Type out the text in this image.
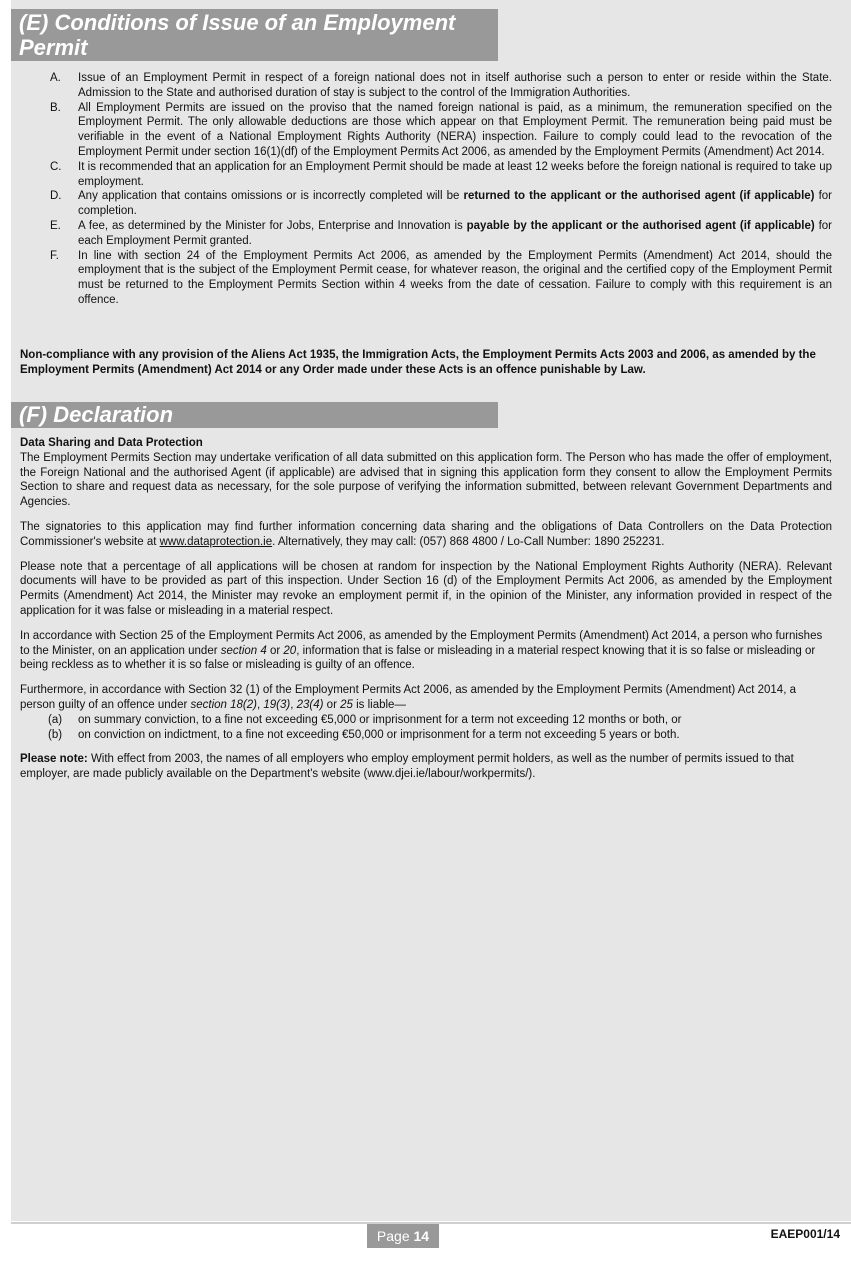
(E) Conditions of Issue of an Employment Permit
A. Issue of an Employment Permit in respect of a foreign national does not in itself authorise such a person to enter or reside within the State. Admission to the State and authorised duration of stay is subject to the control of the Immigration Authorities.
B. All Employment Permits are issued on the proviso that the named foreign national is paid, as a minimum, the remuneration specified on the Employment Permit. The only allowable deductions are those which appear on that Employment Permit. The remuneration being paid must be verifiable in the event of a National Employment Rights Authority (NERA) inspection. Failure to comply could lead to the revocation of the Employment Permit under section 16(1)(df) of the Employment Permits Act 2006, as amended by the Employment Permits (Amendment) Act 2014.
C. It is recommended that an application for an Employment Permit should be made at least 12 weeks before the foreign national is required to take up employment.
D. Any application that contains omissions or is incorrectly completed will be returned to the applicant or the authorised agent (if applicable) for completion.
E. A fee, as determined by the Minister for Jobs, Enterprise and Innovation is payable by the applicant or the authorised agent (if applicable) for each Employment Permit granted.
F. In line with section 24 of the Employment Permits Act 2006, as amended by the Employment Permits (Amendment) Act 2014, should the employment that is the subject of the Employment Permit cease, for whatever reason, the original and the certified copy of the Employment Permit must be returned to the Employment Permits Section within 4 weeks from the date of cessation. Failure to comply with this requirement is an offence.
Non-compliance with any provision of the Aliens Act 1935, the Immigration Acts, the Employment Permits Acts 2003 and 2006, as amended by the Employment Permits (Amendment) Act 2014 or any Order made under these Acts is an offence punishable by Law.
(F) Declaration

Data Sharing and Data Protection

The Employment Permits Section may undertake verification of all data submitted on this application form. The Person who has made the offer of employment, the Foreign National and the authorised Agent (if applicable) are advised that in signing this application form they consent to allow the Employment Permits Section to share and request data as necessary, for the sole purpose of verifying the information submitted, between relevant Government Departments and Agencies.

The signatories to this application may find further information concerning data sharing and the obligations of Data Controllers on the Data Protection Commissioner's website at www.dataprotection.ie. Alternatively, they may call: (057) 868 4800 / Lo-Call Number: 1890 252231.

Please note that a percentage of all applications will be chosen at random for inspection by the National Employment Rights Authority (NERA). Relevant documents will have to be provided as part of this inspection. Under Section 16 (d) of the Employment Permits Act 2006, as amended by the Employment Permits (Amendment) Act 2014, the Minister may revoke an employment permit if, in the opinion of the Minister, any information provided in respect of the application for it was false or misleading in a material respect.

In accordance with Section 25 of the Employment Permits Act 2006, as amended by the Employment Permits (Amendment) Act 2014, a person who furnishes to the Minister, on an application under section 4 or 20, information that is false or misleading in a material respect knowing that it is so false or misleading or being reckless as to whether it is so false or misleading is guilty of an offence.

Furthermore, in accordance with Section 32 (1) of the Employment Permits Act 2006, as amended by the Employment Permits (Amendment) Act 2014, a person guilty of an offence under section 18(2), 19(3), 23(4) or 25 is liable—

(a) on summary conviction, to a fine not exceeding €5,000 or imprisonment for a term not exceeding 12 months or both, or
(b) on conviction on indictment, to a fine not exceeding €50,000 or imprisonment for a term not exceeding 5 years or both.

Please note: With effect from 2003, the names of all employers who employ employment permit holders, as well as the number of permits issued to that employer, are made publicly available on the Department's website (www.djei.ie/labour/workpermits/).

Page 14	EAEP001/14
